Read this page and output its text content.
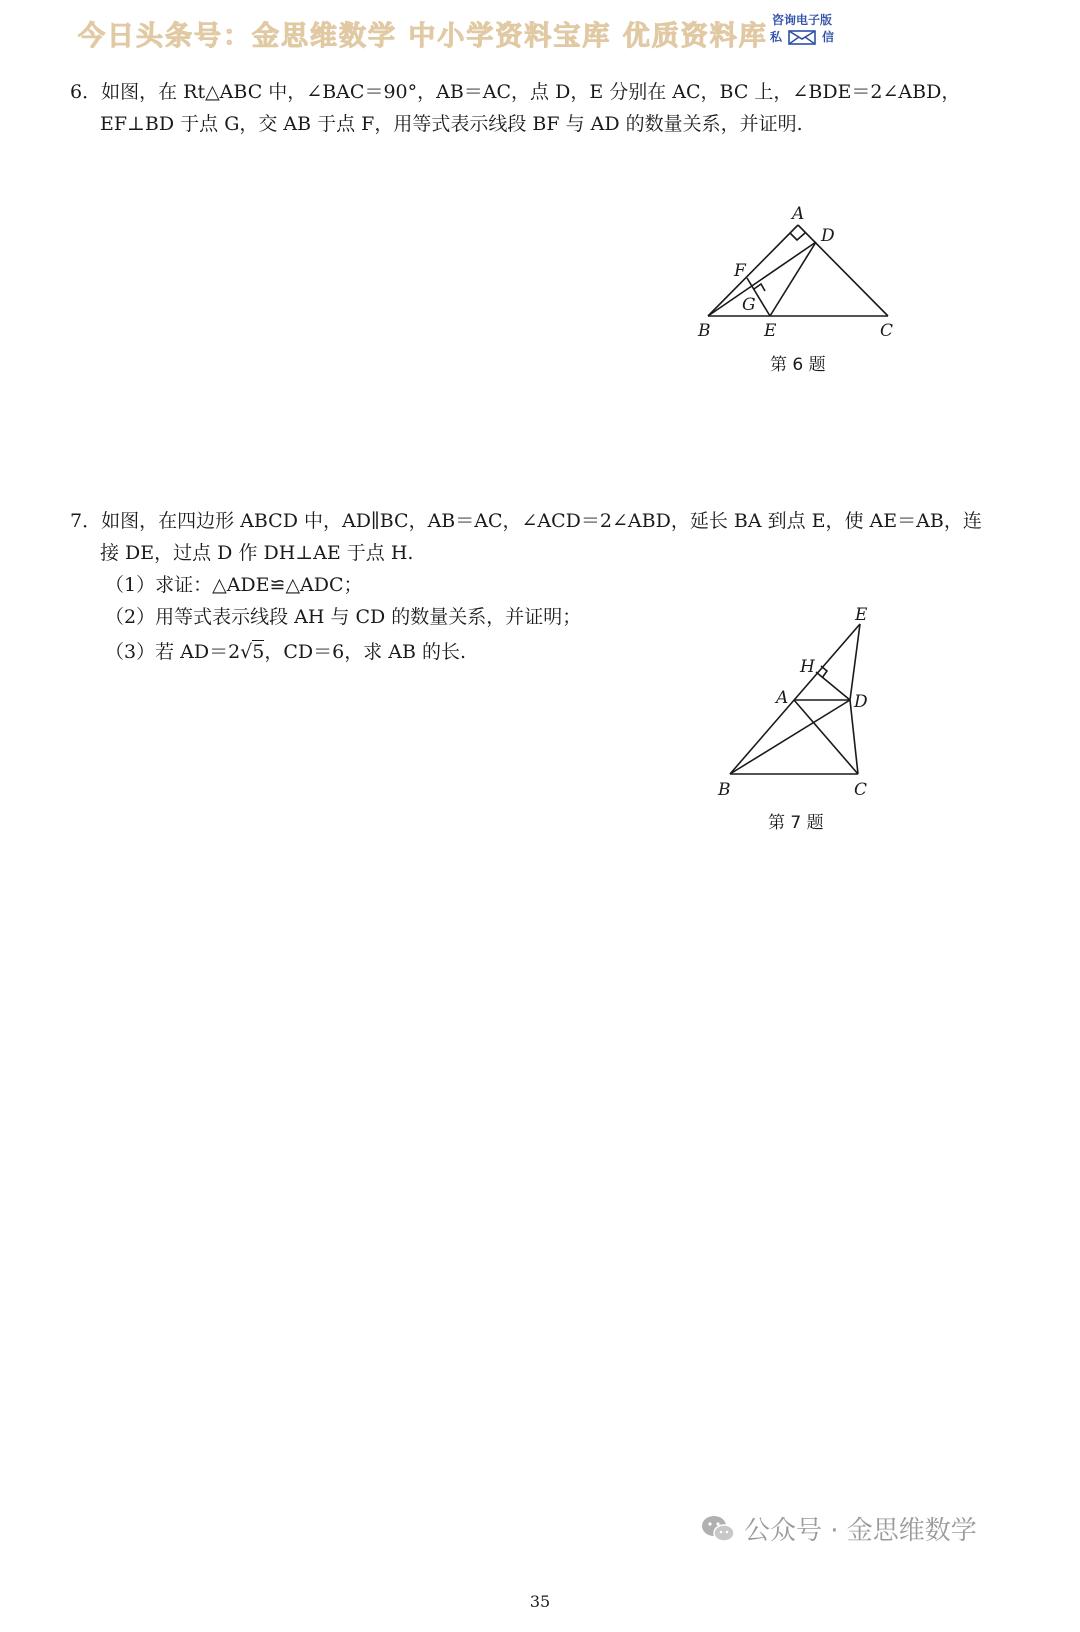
今日头条号：金思维数学 中小学资料宝库 优质资料库
咨询电子版
私	信
6．如图，在 Rt△ABC 中，∠BAC＝90°，AB＝AC，点 D，E 分别在 AC，BC 上，∠BDE＝2∠ABD，
EF⊥BD 于点 G，交 AB 于点 F，用等式表示线段 BF 与 AD 的数量关系，并证明.
A
D
F
G
B	E	C
第 6 题
7．如图，在四边形 ABCD 中，AD∥BC，AB＝AC，∠ACD＝2∠ABD，延长 BA 到点 E，使 AE＝AB，连
接 DE，过点 D 作 DH⊥AE 于点 H.
（1）求证：△ADE≌△ADC；
（2）用等式表示线段 AH 与 CD 的数量关系，并证明；
（3）若 AD＝2√5，CD＝6，求 AB 的长.
E
H
A	D
B	C
第 7 题
公众号 · 金思维数学
35
